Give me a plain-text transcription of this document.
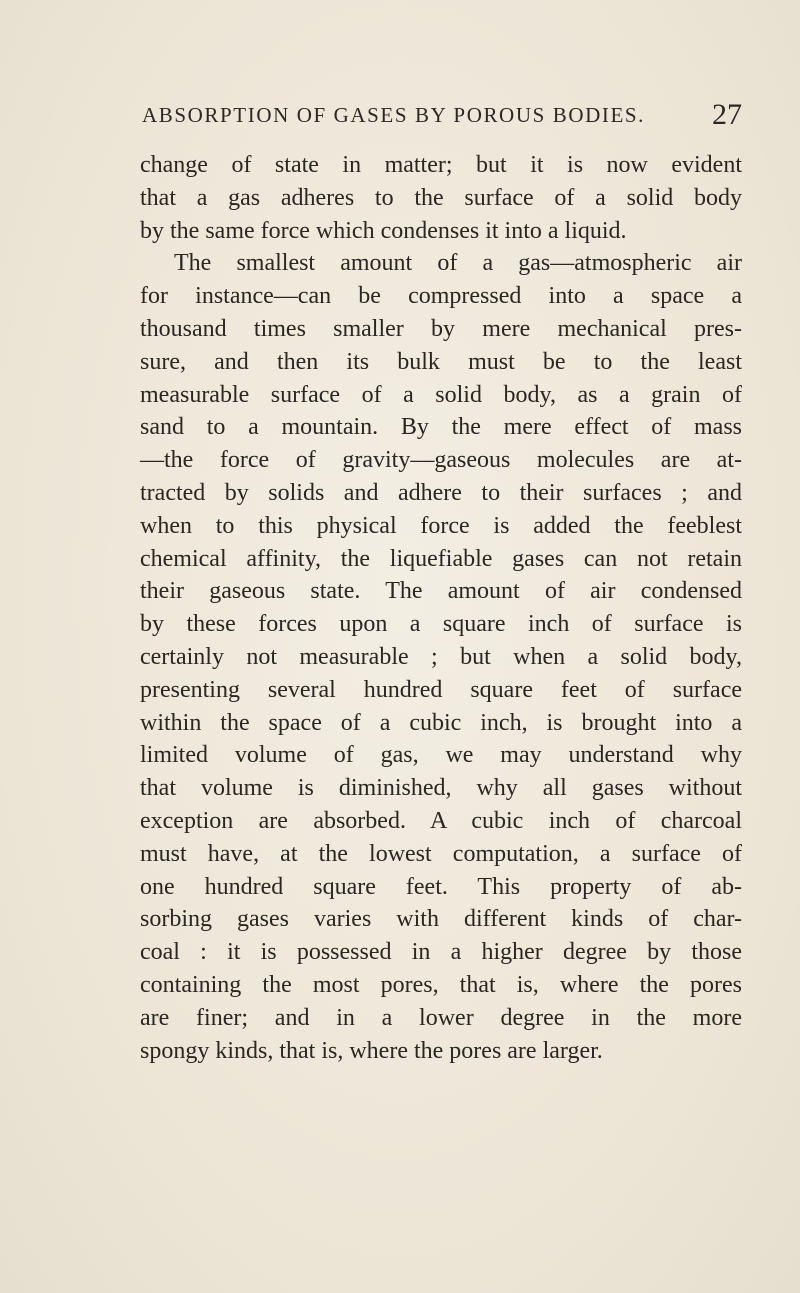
ABSORPTION OF GASES BY POROUS BODIES. 27
change of state in matter; but it is now evident
that a gas adheres to the surface of a solid body
by the same force which condenses it into a liquid.
The smallest amount of a gas—atmospheric air
for instance—can be compressed into a space a
thousand times smaller by mere mechanical pres-
sure, and then its bulk must be to the least
measurable surface of a solid body, as a grain of
sand to a mountain. By the mere effect of mass
—the force of gravity—gaseous molecules are at-
tracted by solids and adhere to their surfaces ; and
when to this physical force is added the feeblest
chemical affinity, the liquefiable gases can not retain
their gaseous state. The amount of air condensed
by these forces upon a square inch of surface is
certainly not measurable ; but when a solid body,
presenting several hundred square feet of surface
within the space of a cubic inch, is brought into a
limited volume of gas, we may understand why
that volume is diminished, why all gases without
exception are absorbed. A cubic inch of charcoal
must have, at the lowest computation, a surface of
one hundred square feet. This property of ab-
sorbing gases varies with different kinds of char-
coal : it is possessed in a higher degree by those
containing the most pores, that is, where the pores
are finer; and in a lower degree in the more
spongy kinds, that is, where the pores are larger.
